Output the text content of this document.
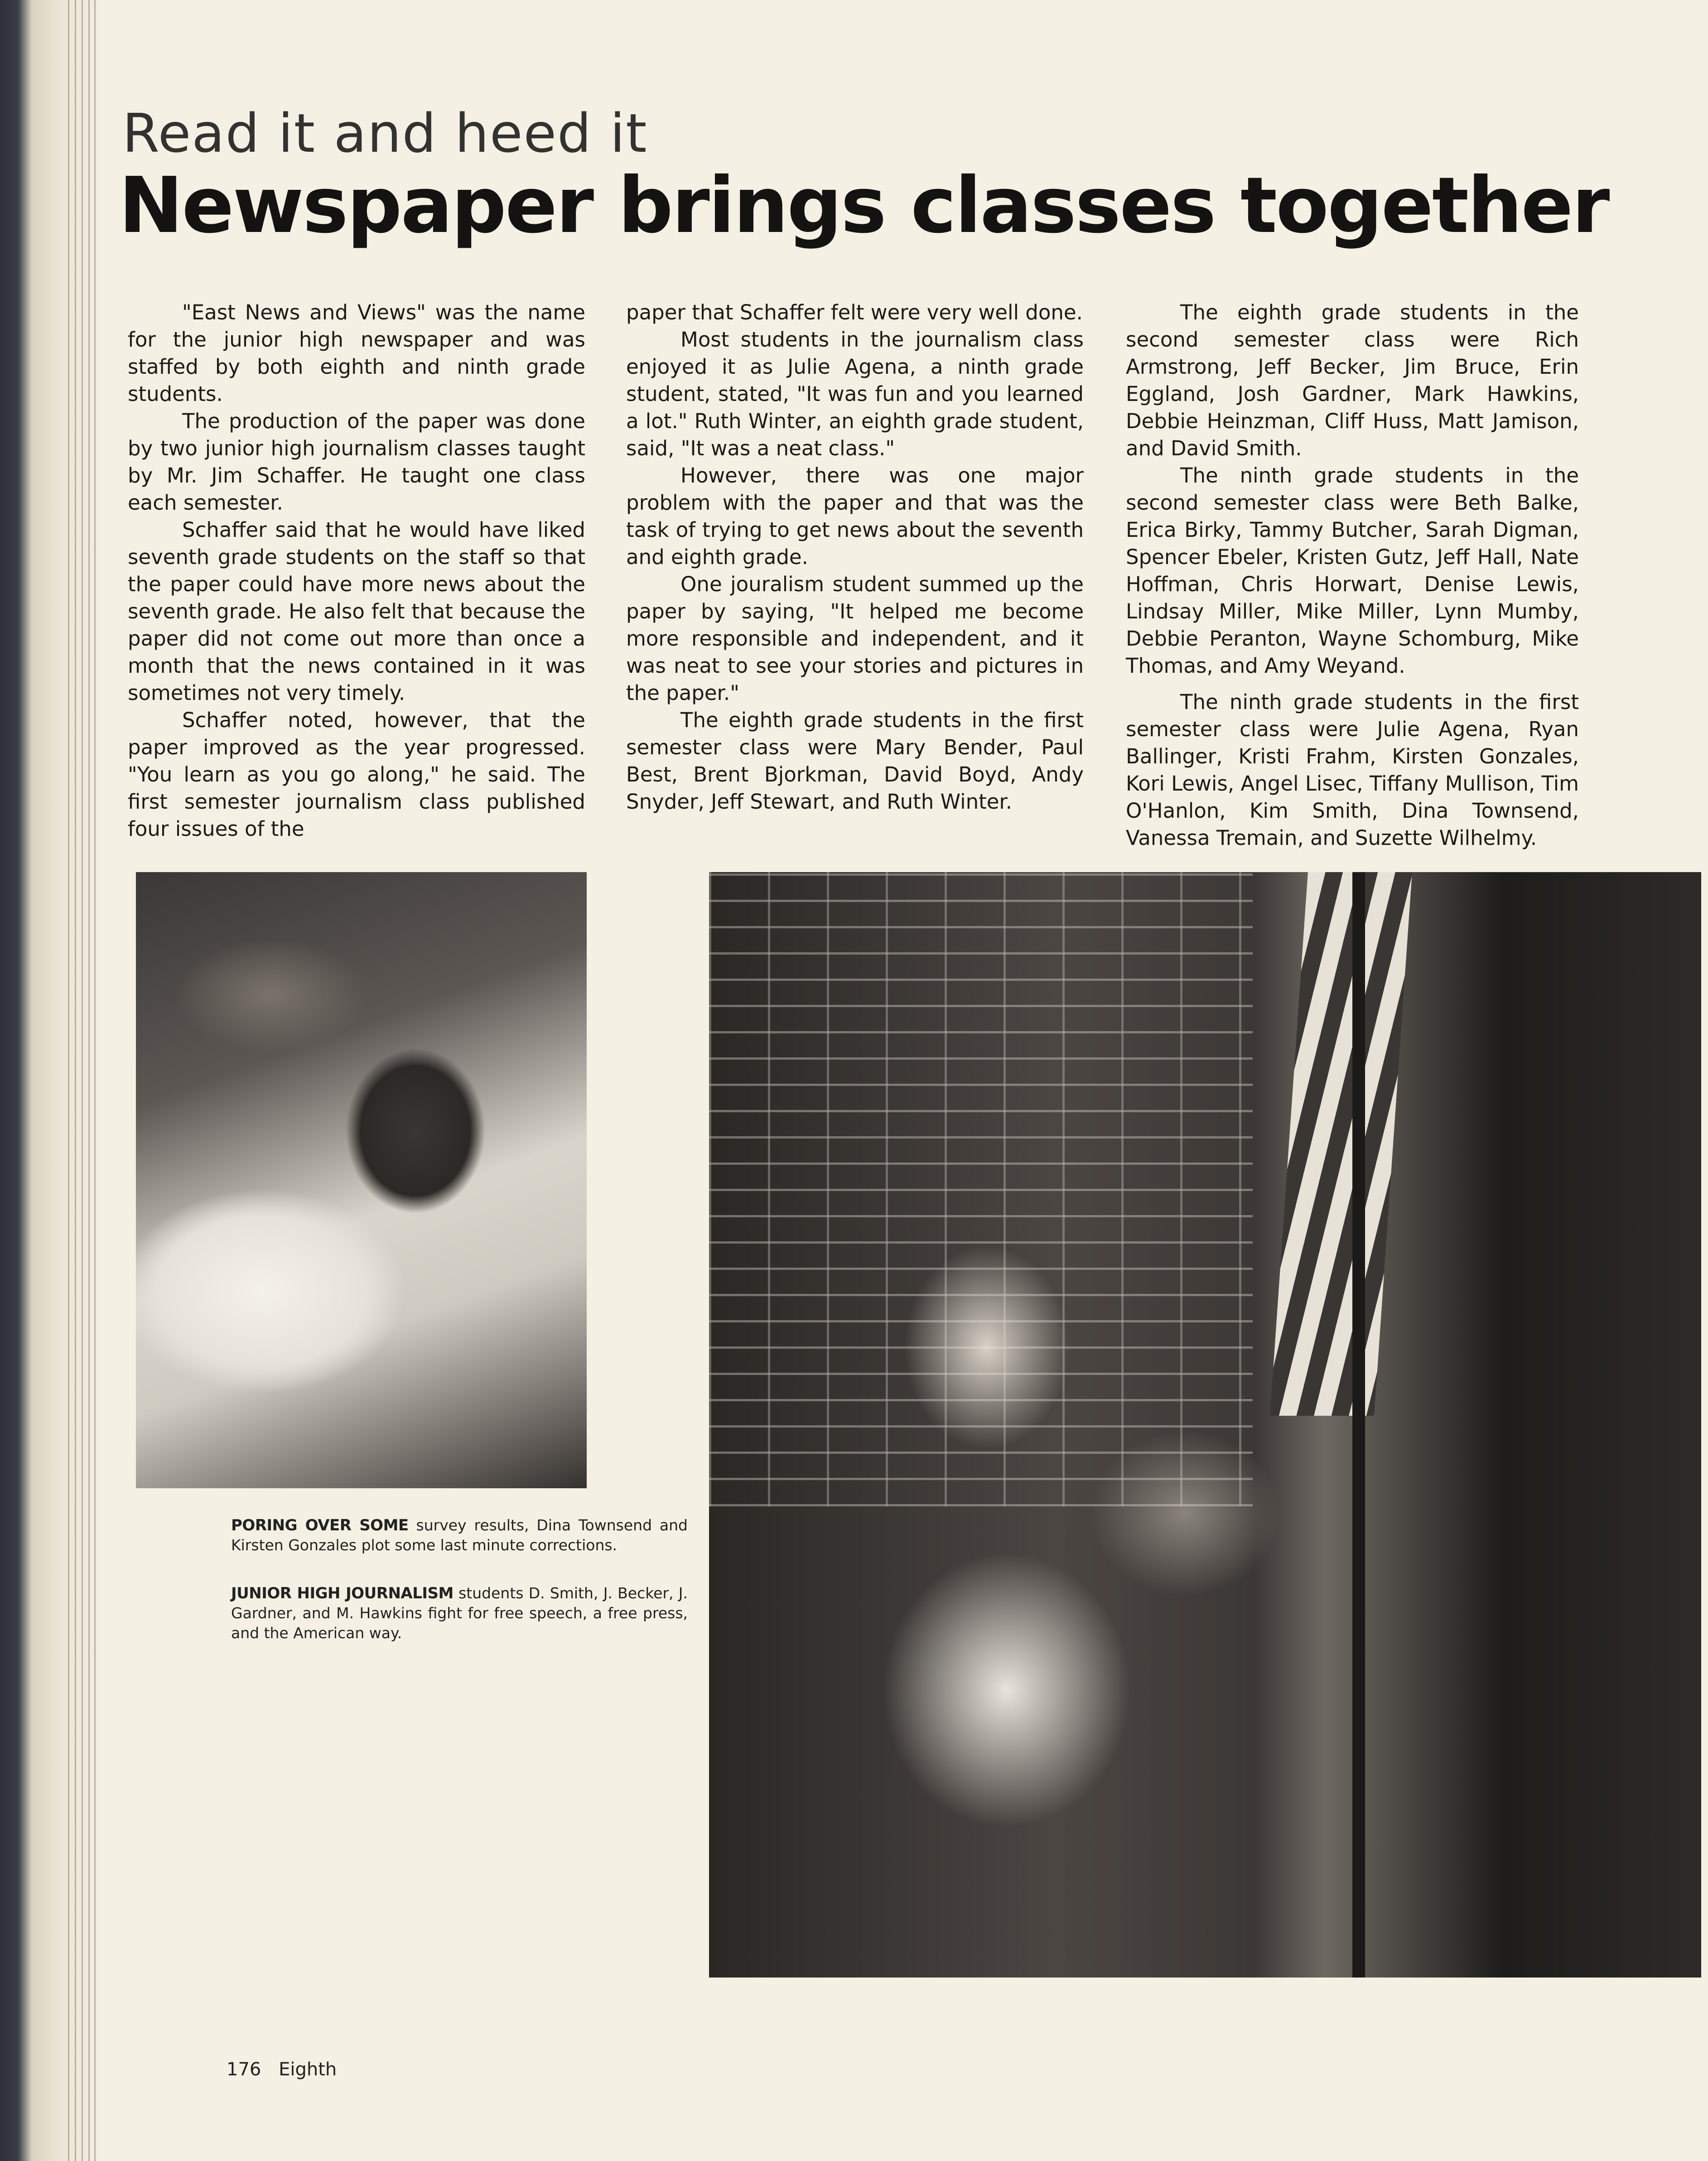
Read it and heed it
Newspaper brings classes together

"East News and Views" was the name for the junior high newspaper and was staffed by both eighth and ninth grade students.

The production of the paper was done by two junior high journalism classes taught by Mr. Jim Schaffer. He taught one class each semester.

Schaffer said that he would have liked seventh grade students on the staff so that the paper could have more news about the seventh grade. He also felt that because the paper did not come out more than once a month that the news contained in it was sometimes not very timely.

Schaffer noted, however, that the paper improved as the year progressed. "You learn as you go along," he said. The first semester journalism class published four issues of the

paper that Schaffer felt were very well done.

Most students in the journalism class enjoyed it as Julie Agena, a ninth grade student, stated, "It was fun and you learned a lot." Ruth Winter, an eighth grade student, said, "It was a neat class."

However, there was one major problem with the paper and that was the task of trying to get news about the seventh and eighth grade.

One jouralism student summed up the paper by saying, "It helped me become more responsible and independent, and it was neat to see your stories and pictures in the paper."

The eighth grade students in the first semester class were Mary Bender, Paul Best, Brent Bjorkman, David Boyd, Andy Snyder, Jeff Stewart, and Ruth Winter.

The eighth grade students in the second semester class were Rich Armstrong, Jeff Becker, Jim Bruce, Erin Eggland, Josh Gardner, Mark Hawkins, Debbie Heinzman, Cliff Huss, Matt Jamison, and David Smith.

The ninth grade students in the second semester class were Beth Balke, Erica Birky, Tammy Butcher, Sarah Digman, Spencer Ebeler, Kristen Gutz, Jeff Hall, Nate Hoffman, Chris Horwart, Denise Lewis, Lindsay Miller, Mike Miller, Lynn Mumby, Debbie Peranton, Wayne Schomburg, Mike Thomas, and Amy Weyand.

The ninth grade students in the first semester class were Julie Agena, Ryan Ballinger, Kristi Frahm, Kirsten Gonzales, Kori Lewis, Angel Lisec, Tiffany Mullison, Tim O'Hanlon, Kim Smith, Dina Townsend, Vanessa Tremain, and Suzette Wilhelmy.

PORING OVER SOME survey results, Dina Townsend and Kirsten Gonzales plot some last minute corrections.
JUNIOR HIGH JOURNALISM students D. Smith, J. Becker, J. Gardner, and M. Hawkins fight for free speech, a free press, and the American way.
176 Eighth
